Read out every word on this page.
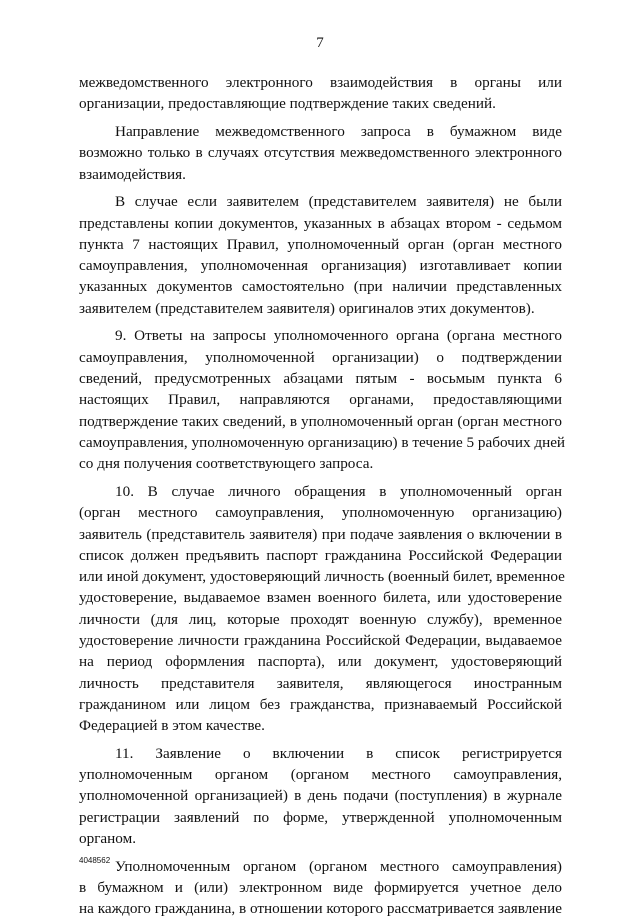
7
межведомственного электронного взаимодействия в органы или
организации, предоставляющие подтверждение таких сведений.
Направление межведомственного запроса в бумажном виде
возможно только в случаях отсутствия межведомственного электронного
взаимодействия.
В случае если заявителем (представителем заявителя) не были
представлены копии документов, указанных в абзацах втором - седьмом
пункта 7 настоящих Правил, уполномоченный орган (орган местного
самоуправления, уполномоченная организация) изготавливает копии
указанных документов самостоятельно (при наличии представленных
заявителем (представителем заявителя) оригиналов этих документов).
9. Ответы на запросы уполномоченного органа (органа местного
самоуправления, уполномоченной организации) о подтверждении
сведений, предусмотренных абзацами пятым - восьмым пункта 6
настоящих Правил, направляются органами, предоставляющими
подтверждение таких сведений, в уполномоченный орган (орган местного
самоуправления, уполномоченную организацию) в течение 5 рабочих дней
со дня получения соответствующего запроса.
10. В случае личного обращения в уполномоченный орган
(орган местного самоуправления, уполномоченную организацию)
заявитель (представитель заявителя) при подаче заявления о включении в
список должен предъявить паспорт гражданина Российской Федерации
или иной документ, удостоверяющий личность (военный билет, временное
удостоверение, выдаваемое взамен военного билета, или удостоверение
личности (для лиц, которые проходят военную службу), временное
удостоверение личности гражданина Российской Федерации, выдаваемое
на период оформления паспорта), или документ, удостоверяющий
личность представителя заявителя, являющегося иностранным
гражданином или лицом без гражданства, признаваемый Российской
Федерацией в этом качестве.
11. Заявление о включении в список регистрируется
уполномоченным органом (органом местного самоуправления,
уполномоченной организацией) в день подачи (поступления) в журнале
регистрации заявлений по форме, утвержденной уполномоченным
органом.
Уполномоченным органом (органом местного самоуправления)
в бумажном и (или) электронном виде формируется учетное дело
на каждого гражданина, в отношении которого рассматривается заявление
4048562
